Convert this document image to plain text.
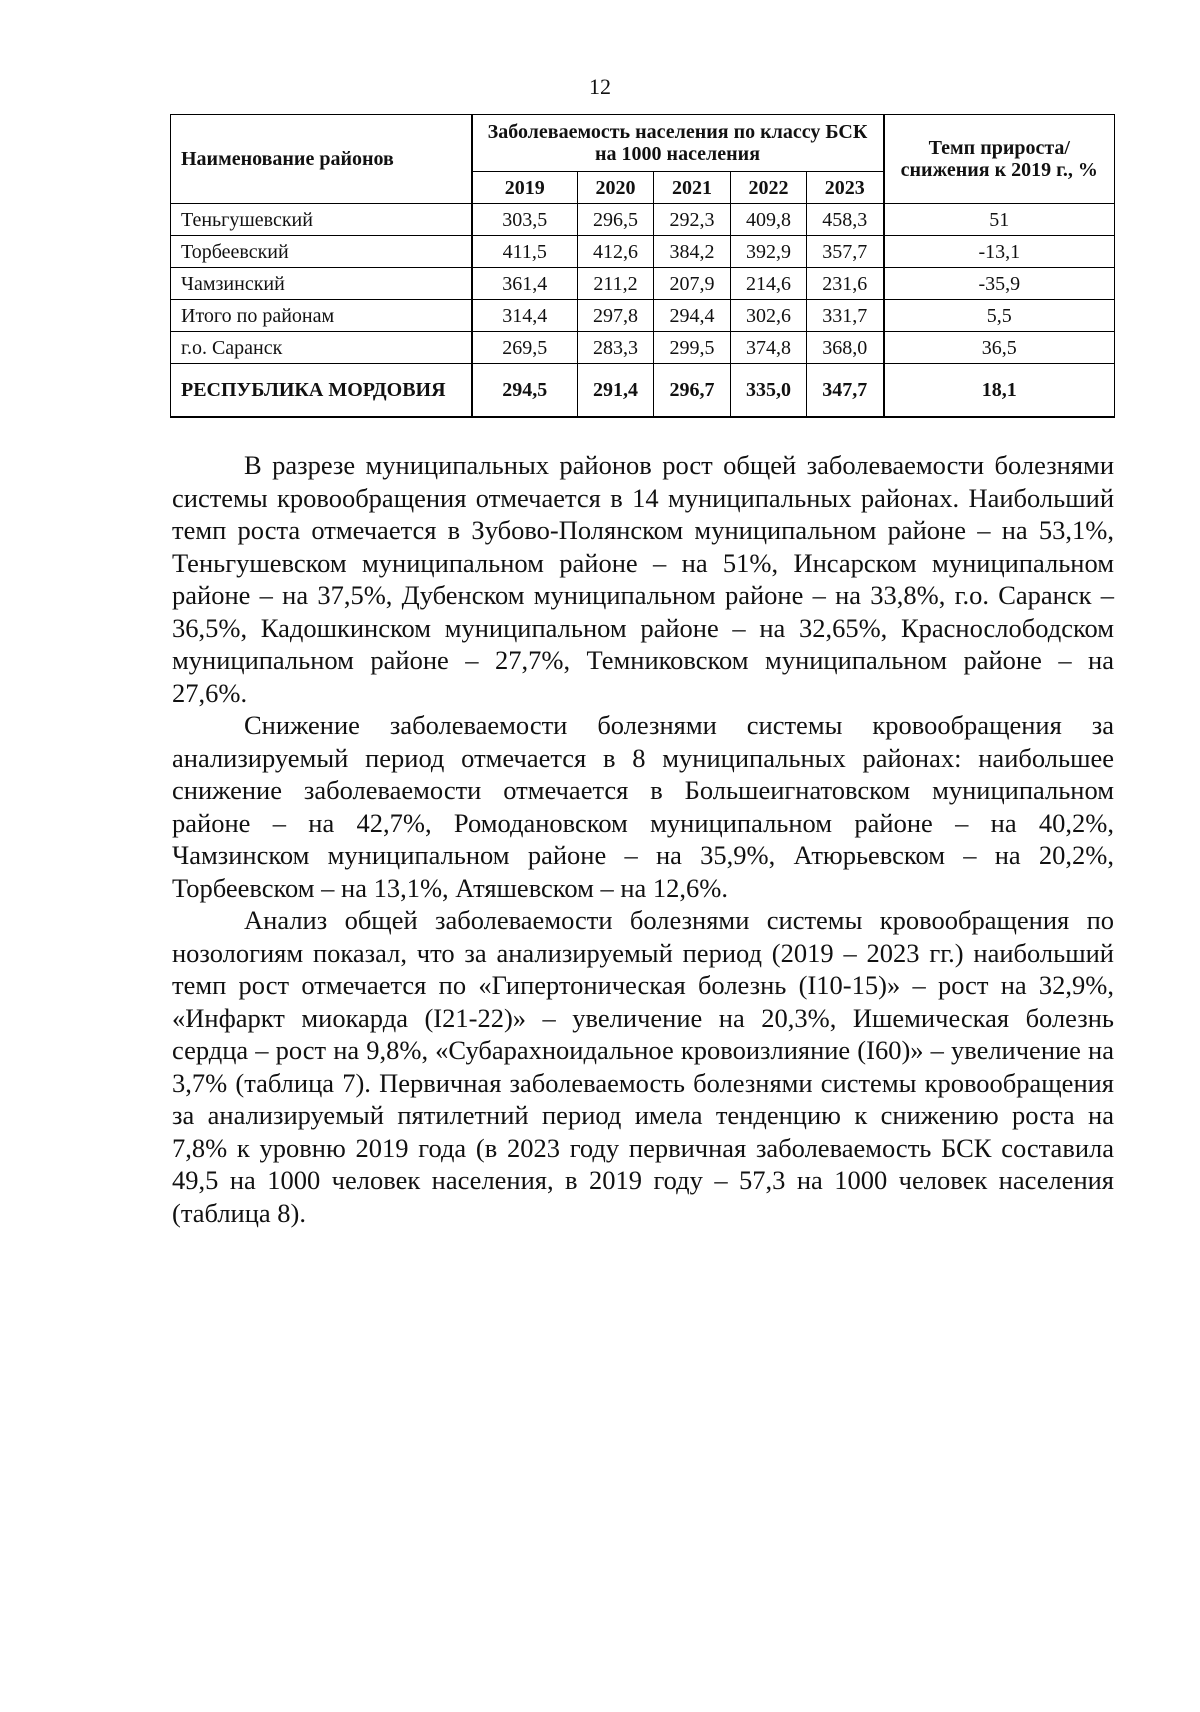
12
Наименование районов	Заболеваемость населения по классу БСК на 1000 населения					Темп прироста/снижения к 2019 г., %
	2019	2020	2021	2022	2023	
Теньгушевский	303,5	296,5	292,3	409,8	458,3	51
Торбеевский	411,5	412,6	384,2	392,9	357,7	-13,1
Чамзинский	361,4	211,2	207,9	214,6	231,6	-35,9
Итого по районам	314,4	297,8	294,4	302,6	331,7	5,5
г.о. Саранск	269,5	283,3	299,5	374,8	368,0	36,5
РЕСПУБЛИКА МОРДОВИЯ	294,5	291,4	296,7	335,0	347,7	18,1

В разрезе муниципальных районов рост общей заболеваемости болезнями системы кровообращения отмечается в 14 муниципальных районах. Наибольший темп роста отмечается в Зубово-Полянском муниципальном районе – на 53,1%, Теньгушевском муниципальном районе – на 51%, Инсарском муниципальном районе – на 37,5%, Дубенском муниципальном районе – на 33,8%, г.о. Саранск – 36,5%, Кадошкинском муниципальном районе – на 32,65%, Краснослободском муниципальном районе – 27,7%, Темниковском муниципальном районе – на 27,6%.

Снижение заболеваемости болезнями системы кровообращения за анализируемый период отмечается в 8 муниципальных районах: наибольшее снижение заболеваемости отмечается в Большеигнатовском муниципальном районе – на 42,7%, Ромодановском муниципальном районе – на 40,2%, Чамзинском муниципальном районе – на 35,9%, Атюрьевском – на 20,2%, Торбеевском – на 13,1%, Атяшевском – на 12,6%.

Анализ общей заболеваемости болезнями системы кровообращения по нозологиям показал, что за анализируемый период (2019 – 2023 гг.) наибольший темп рост отмечается по «Гипертоническая болезнь (I10-15)» – рост на 32,9%, «Инфаркт миокарда (I21-22)» – увеличение на 20,3%, Ишемическая болезнь сердца – рост на 9,8%, «Субарахноидальное кровоизлияние (I60)» – увеличение на 3,7% (таблица 7). Первичная заболеваемость болезнями системы кровообращения за анализируемый пятилетний период имела тенденцию к снижению роста на 7,8% к уровню 2019 года (в 2023 году первичная заболеваемость БСК составила 49,5 на 1000 человек населения, в 2019 году – 57,3 на 1000 человек населения (таблица 8).
